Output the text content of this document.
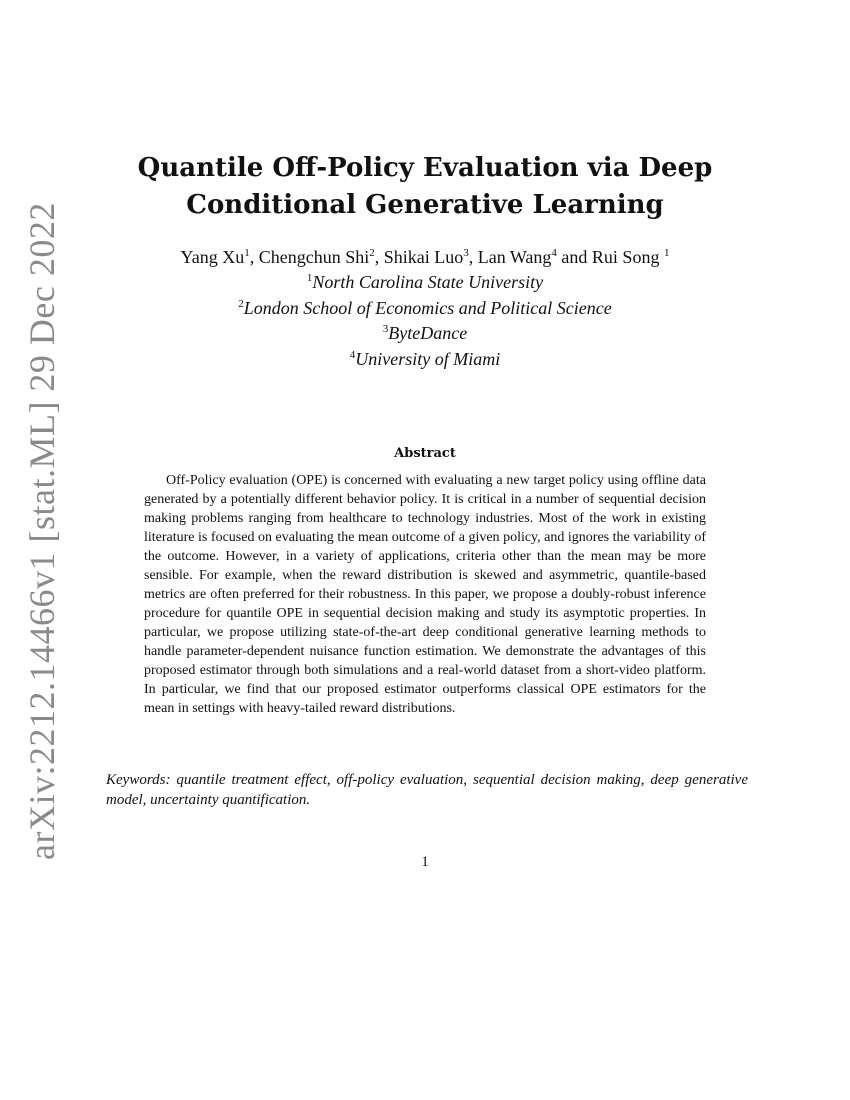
arXiv:2212.14466v1 [stat.ML] 29 Dec 2022
Quantile Off-Policy Evaluation via Deep Conditional Generative Learning
Yang Xu$^1$, Chengchun Shi$^2$, Shikai Luo$^3$, Lan Wang$^4$ and Rui Song $^1$
$^1$North Carolina State University
$^2$London School of Economics and Political Science
$^3$ByteDance
$^4$University of Miami
Abstract

Off-Policy evaluation (OPE) is concerned with evaluating a new target policy using offline data generated by a potentially different behavior policy. It is critical in a number of sequential decision making problems ranging from healthcare to technology industries. Most of the work in existing literature is focused on evaluating the mean outcome of a given policy, and ignores the variability of the outcome. However, in a variety of applications, criteria other than the mean may be more sensible. For example, when the reward distribution is skewed and asymmetric, quantile-based metrics are often preferred for their robustness. In this paper, we propose a doubly-robust inference procedure for quantile OPE in sequential decision making and study its asymptotic properties. In particular, we propose utilizing state-of-the-art deep conditional generative learning methods to handle parameter-dependent nuisance function estimation. We demonstrate the advantages of this proposed estimator through both simulations and a real-world dataset from a short-video platform. In particular, we find that our proposed estimator outperforms classical OPE estimators for the mean in settings with heavy-tailed reward distributions.

Keywords: quantile treatment effect, off-policy evaluation, sequential decision making, deep generative model, uncertainty quantification.

1
